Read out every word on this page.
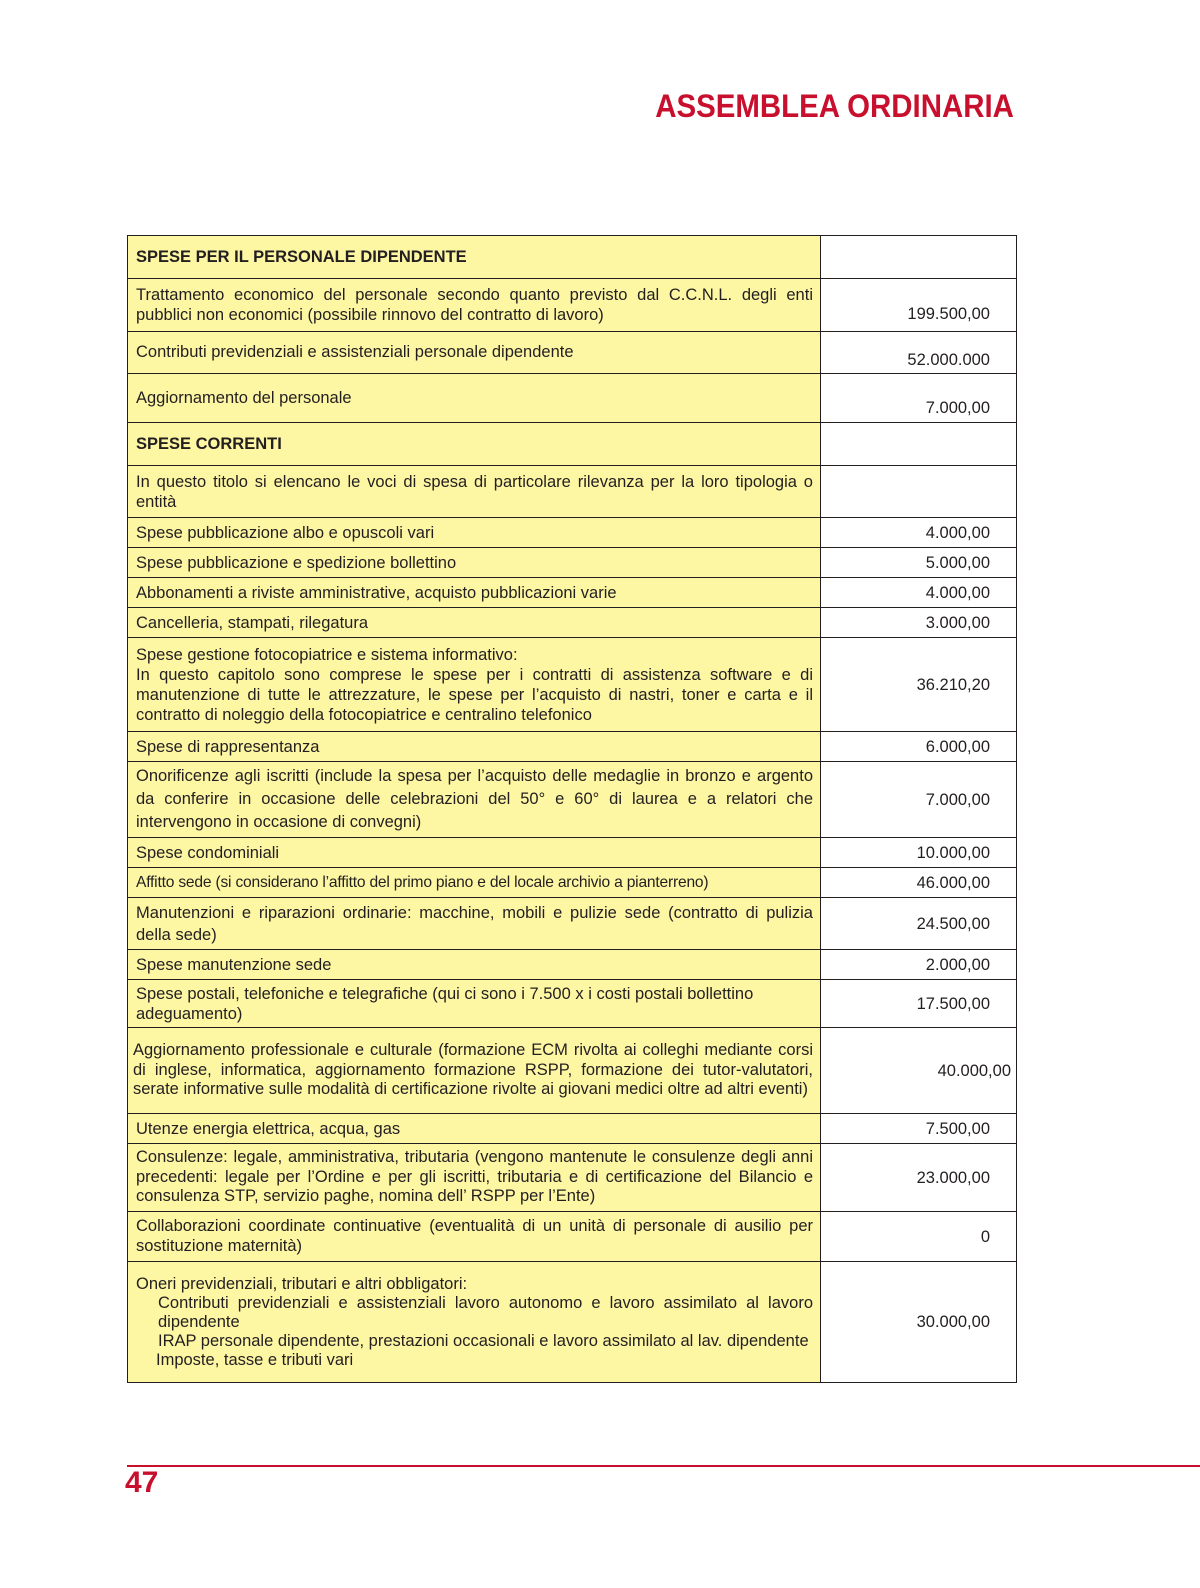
ASSEMBLEA ORDINARIA
SPESE PER IL PERSONALE DIPENDENTE	
Trattamento economico del personale secondo quanto previsto dal C.C.N.L. degli enti pubblici non economici (possibile rinnovo del contratto di lavoro)	199.500,00
Contributi previdenziali e assistenziali personale dipendente	52.000.000
Aggiornamento del personale	7.000,00
SPESE CORRENTI	
In questo titolo si elencano le voci di spesa di particolare rilevanza per la loro tipologia o entità	
Spese pubblicazione albo e opuscoli vari	4.000,00
Spese pubblicazione e spedizione bollettino	5.000,00
Abbonamenti a riviste amministrative, acquisto pubblicazioni varie	4.000,00
Cancelleria, stampati, rilegatura	3.000,00

Spese gestione fotocopiatrice e sistema informativo:
In questo capitolo sono comprese le spese per i contratti di assistenza software e di manutenzione di tutte le attrezzature, le spese per l’acquisto di nastri, toner e carta e il contratto di noleggio della fotocopiatrice e centralino telefonico	36.210,20
Spese di rappresentanza	6.000,00
Onorificenze agli iscritti (include la spesa per l’acquisto delle medaglie in bronzo e argento da conferire in occasione delle celebrazioni del 50° e 60° di laurea e a relatori che intervengono in occasione di convegni)	7.000,00
Spese condominiali	10.000,00
Affitto sede (si considerano l’affitto del primo piano e del locale archivio a pianterreno)	46.000,00
Manutenzioni e riparazioni ordinarie: macchine, mobili e pulizie sede (contratto di pulizia della sede)	24.500,00
Spese manutenzione sede	2.000,00
Spese postali, telefoniche e telegrafiche (qui ci sono i 7.500 x i costi postali bollettino adeguamento)	17.500,00
Aggiornamento professionale e culturale (formazione ECM rivolta ai colleghi mediante corsi di inglese, informatica, aggiornamento formazione RSPP, formazione dei tutor-valutatori, serate informative sulle modalità di certificazione rivolte ai giovani medici oltre ad altri eventi)	40.000,00
Utenze energia elettrica, acqua, gas	7.500,00
Consulenze: legale, amministrativa, tributaria (vengono mantenute le consulenze degli anni precedenti: legale per l’Ordine e per gli iscritti, tributaria e di certificazione del Bilancio e consulenza STP, servizio paghe, nomina dell’ RSPP per l’Ente)	23.000,00
Collaborazioni coordinate continuative (eventualità di un unità di personale di ausilio per sostituzione maternità)	0

Oneri previdenziali, tributari e altri obbligatori:
Contributi previdenziali e assistenziali lavoro autonomo e lavoro assimilato al lavoro dipendente
IRAP personale dipendente, prestazioni occasionali e lavoro assimilato al lav. dipendente
Imposte, tasse e tributi vari	30.000,00
47
